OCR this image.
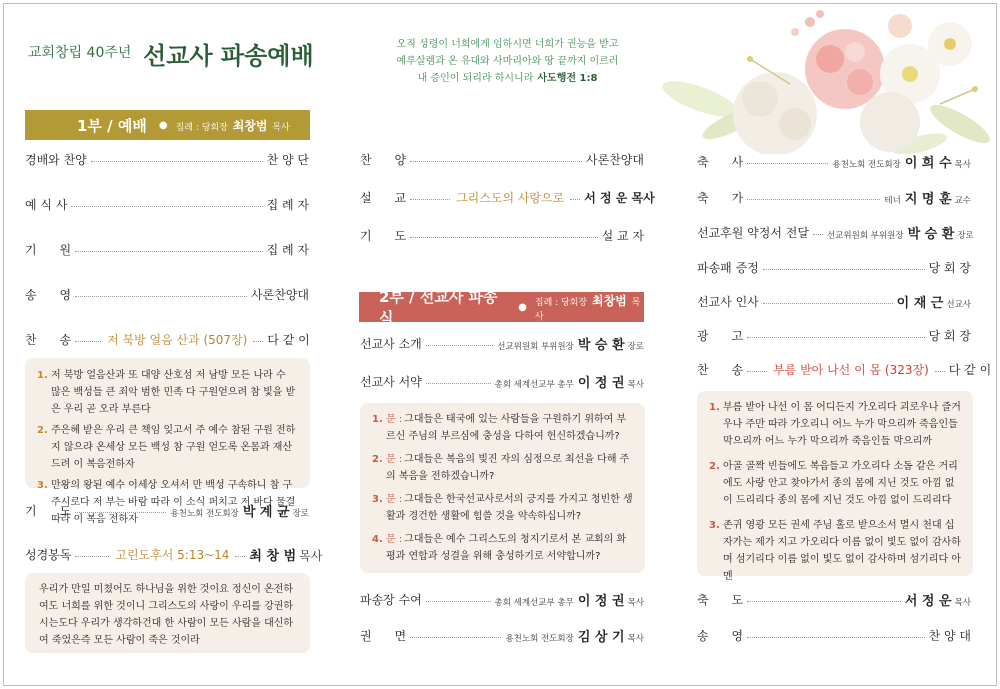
교회창립 40주년 선교사 파송예배	오직 성령이 너희에게 임하시면 너희가 권능을 받고
예루살렘과 온 유대와 사마리아와 땅 끝까지 이르러
내 증인이 되리라 하시니라 사도행전 1:8
1부 / 예배 ● 집례 : 당회장 최창범 목사
경배와 찬양	찬 양 단
예 식 사	집 례 자
기      원	집 례 자
송      영	사론찬양대
찬      송	저 북방 얼음 산과 (507장) 다 같 이
1. 저 북방 얼음산과 또 대양 산호섬 저 남방 모든 나라 수 많은 백성들 큰 죄악 범한 민족 다 구원얻으려 참 빛을 받은 우리 곧 오라 부른다
2. 주은혜 받은 우리 큰 책임 잊고서 주 예수 참된 구원 전하지 않으랴 온세상 모든 백성 참 구원 얻도록 온몸과 재산 드려 이 복음전하자
3. 만왕의 왕된 예수 이세상 오셔서 만 백성 구속하니 참 구주시로다 저 부는 바람 따라 이 소식 퍼치고 저 바다 물결 따라 이 복음 전하자
기      도	용천노회 전도회장 박 계 균 장로
성경봉독	고린도후서 5:13~14 최 창 범 목사

우리가 만일 미쳤어도 하나님을 위한 것이요 정신이 온전하여도 너희를 위한 것이니 그리스도의 사랑이 우리를 강권하시는도다 우리가 생각하건대 한 사람이 모든 사람을 대신하여 죽었은즉 모든 사람이 죽은 것이라

찬      양	사론찬양대
설      교	그리스도의 사랑으로 서 정 운 목사
기      도	설 교 자
2부 / 선교사 파송식
● 집례 : 당회장 최창범 목사
선교사 소개	선교위원회 부위원장 박 승 환 장로
선교사 서약	총회 세계선교부 총무 이 정 권 목사
1. 문 : 그대들은 태국에 있는 사람들을 구원하기 위하여 부르신 주님의 부르심에 충성을 다하여 헌신하겠습니까?
2. 문 : 그대들은 복음의 빚진 자의 심정으로 최선을 다해 주의 복음을 전하겠습니까?
3. 문 : 그대들은 한국선교사로서의 긍지를 가지고 청빈한 생활과 경건한 생활에 힘쓸 것을 약속하십니까?
4. 문 : 그대들은 예수 그리스도의 청지기로서 본 교회의 화평과 연합과 성결을 위해 충성하기로 서약합니까?
파송장 수여	총회 세계선교부 총무 이 정 권 목사
권      면	용천노회 전도회장 김 상 기 목사
축      사	용천노회 전도회장 이 희 수 목사
축      가	테너 지 명 훈 교수
선교후원 약정서 전달 선교위원회 부위원장 박 승 환 장로
파송패 증정	당 회 장
선교사 인사	이 재 근 선교사
광      고	당 회 장
찬      송	부름 받아 나선 이 몸 (323장) 다 같 이
1. 부름 받아 나선 이 몸 어디든지 가오리다 괴로우나 즐거우나 주만 따라 가오리니 어느 누가 막으리까 죽음인들 막으리까 어느 누가 막으리까 죽음인들 막으리까
2. 아골 골짝 빈들에도 복음들고 가오리다 소돔 같은 거리에도 사랑 안고 찾아가서 종의 몸에 지닌 것도 아낌 없이 드리리다 종의 몸에 지닌 것도 아낌 없이 드리리다
3. 존귀 영광 모든 권세 주님 홀로 받으소서 멸시 천대 십자가는 제가 지고 가오리다 이름 없이 빛도 없이 감사하며 섬기리다 이름 없이 빛도 없이 감사하며 섬기리다 아멘
축      도	서 정 운 목사
송      영	찬 양 대
